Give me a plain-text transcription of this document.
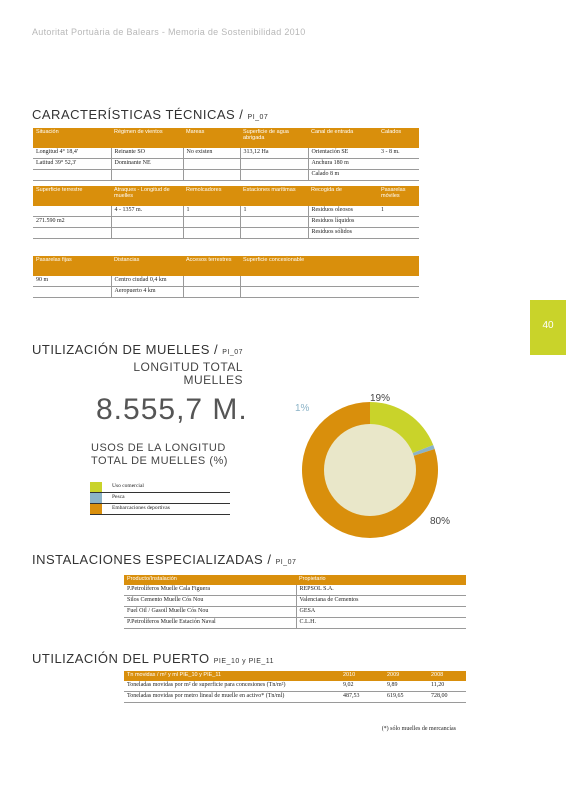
Autoritat Portuària de Balears - Memoria de Sostenibilidad 2010
40
CARACTERÍSTICAS TÉCNICAS / PI_07
Situación	Régimen de vientos	Mareas	Superficie de agua abrigada	Canal de entrada	Calados
Longitud 4° 18,4'	Reinante SO	No existen	313,12 Ha	Orientación SE	3 - 8 m.
Latitud 39° 52,3'	Dominante NE			Anchura 180 m	
				Calado 8 m	
Superficie terrestre	Atraques - Longitud de muelles	Remolcadores	Estaciones marítimas	Recogida de	Pasarelas móviles
	4 - 1357 m.	1	1	Residuos oleosos	1
271.590 m2				Residuos líquidos	
				Residuos sólidos	
Pasarelas fijas	Distancias	Accesos terrestres	Superficie concesionable
90 m	Centro ciudad 0,4 km		
	Aeropuerto 4 km		
UTILIZACIÓN DE MUELLES / PI_07
LONGITUD TOTAL
MUELLES
8.555,7 M.
USOS DE LA LONGITUD
TOTAL DE MUELLES (%)
Uso comercial
Pesca
Embarcaciones deportivas
19%
1%
80%
INSTALACIONES ESPECIALIZADAS / PI_07
Producto/Instalación	Propietario
P.Petrolíferos Muelle Cala Figuera	REPSOL S.A.
Silos Cemento Muelle Cós Nou	Valenciana de Cementos
Fuel Oil / Gasoil Muelle Cós Nou	GESA
P.Petrolíferos Muelle Estación Naval	C.L.H.
UTILIZACIÓN DEL PUERTO PIE_10 y PIE_11
Tn movidas / m² y ml PIE_10 y PIE_11	2010	2009	2008
Toneladas movidas por m² de superficie para concesiones (Tn/m²)	9,02	9,89	11,20
Toneladas movidas por metro lineal de muelle en activo* (Tn/ml)	487,53	619,65	728,00
(*) sólo muelles de mercancías
